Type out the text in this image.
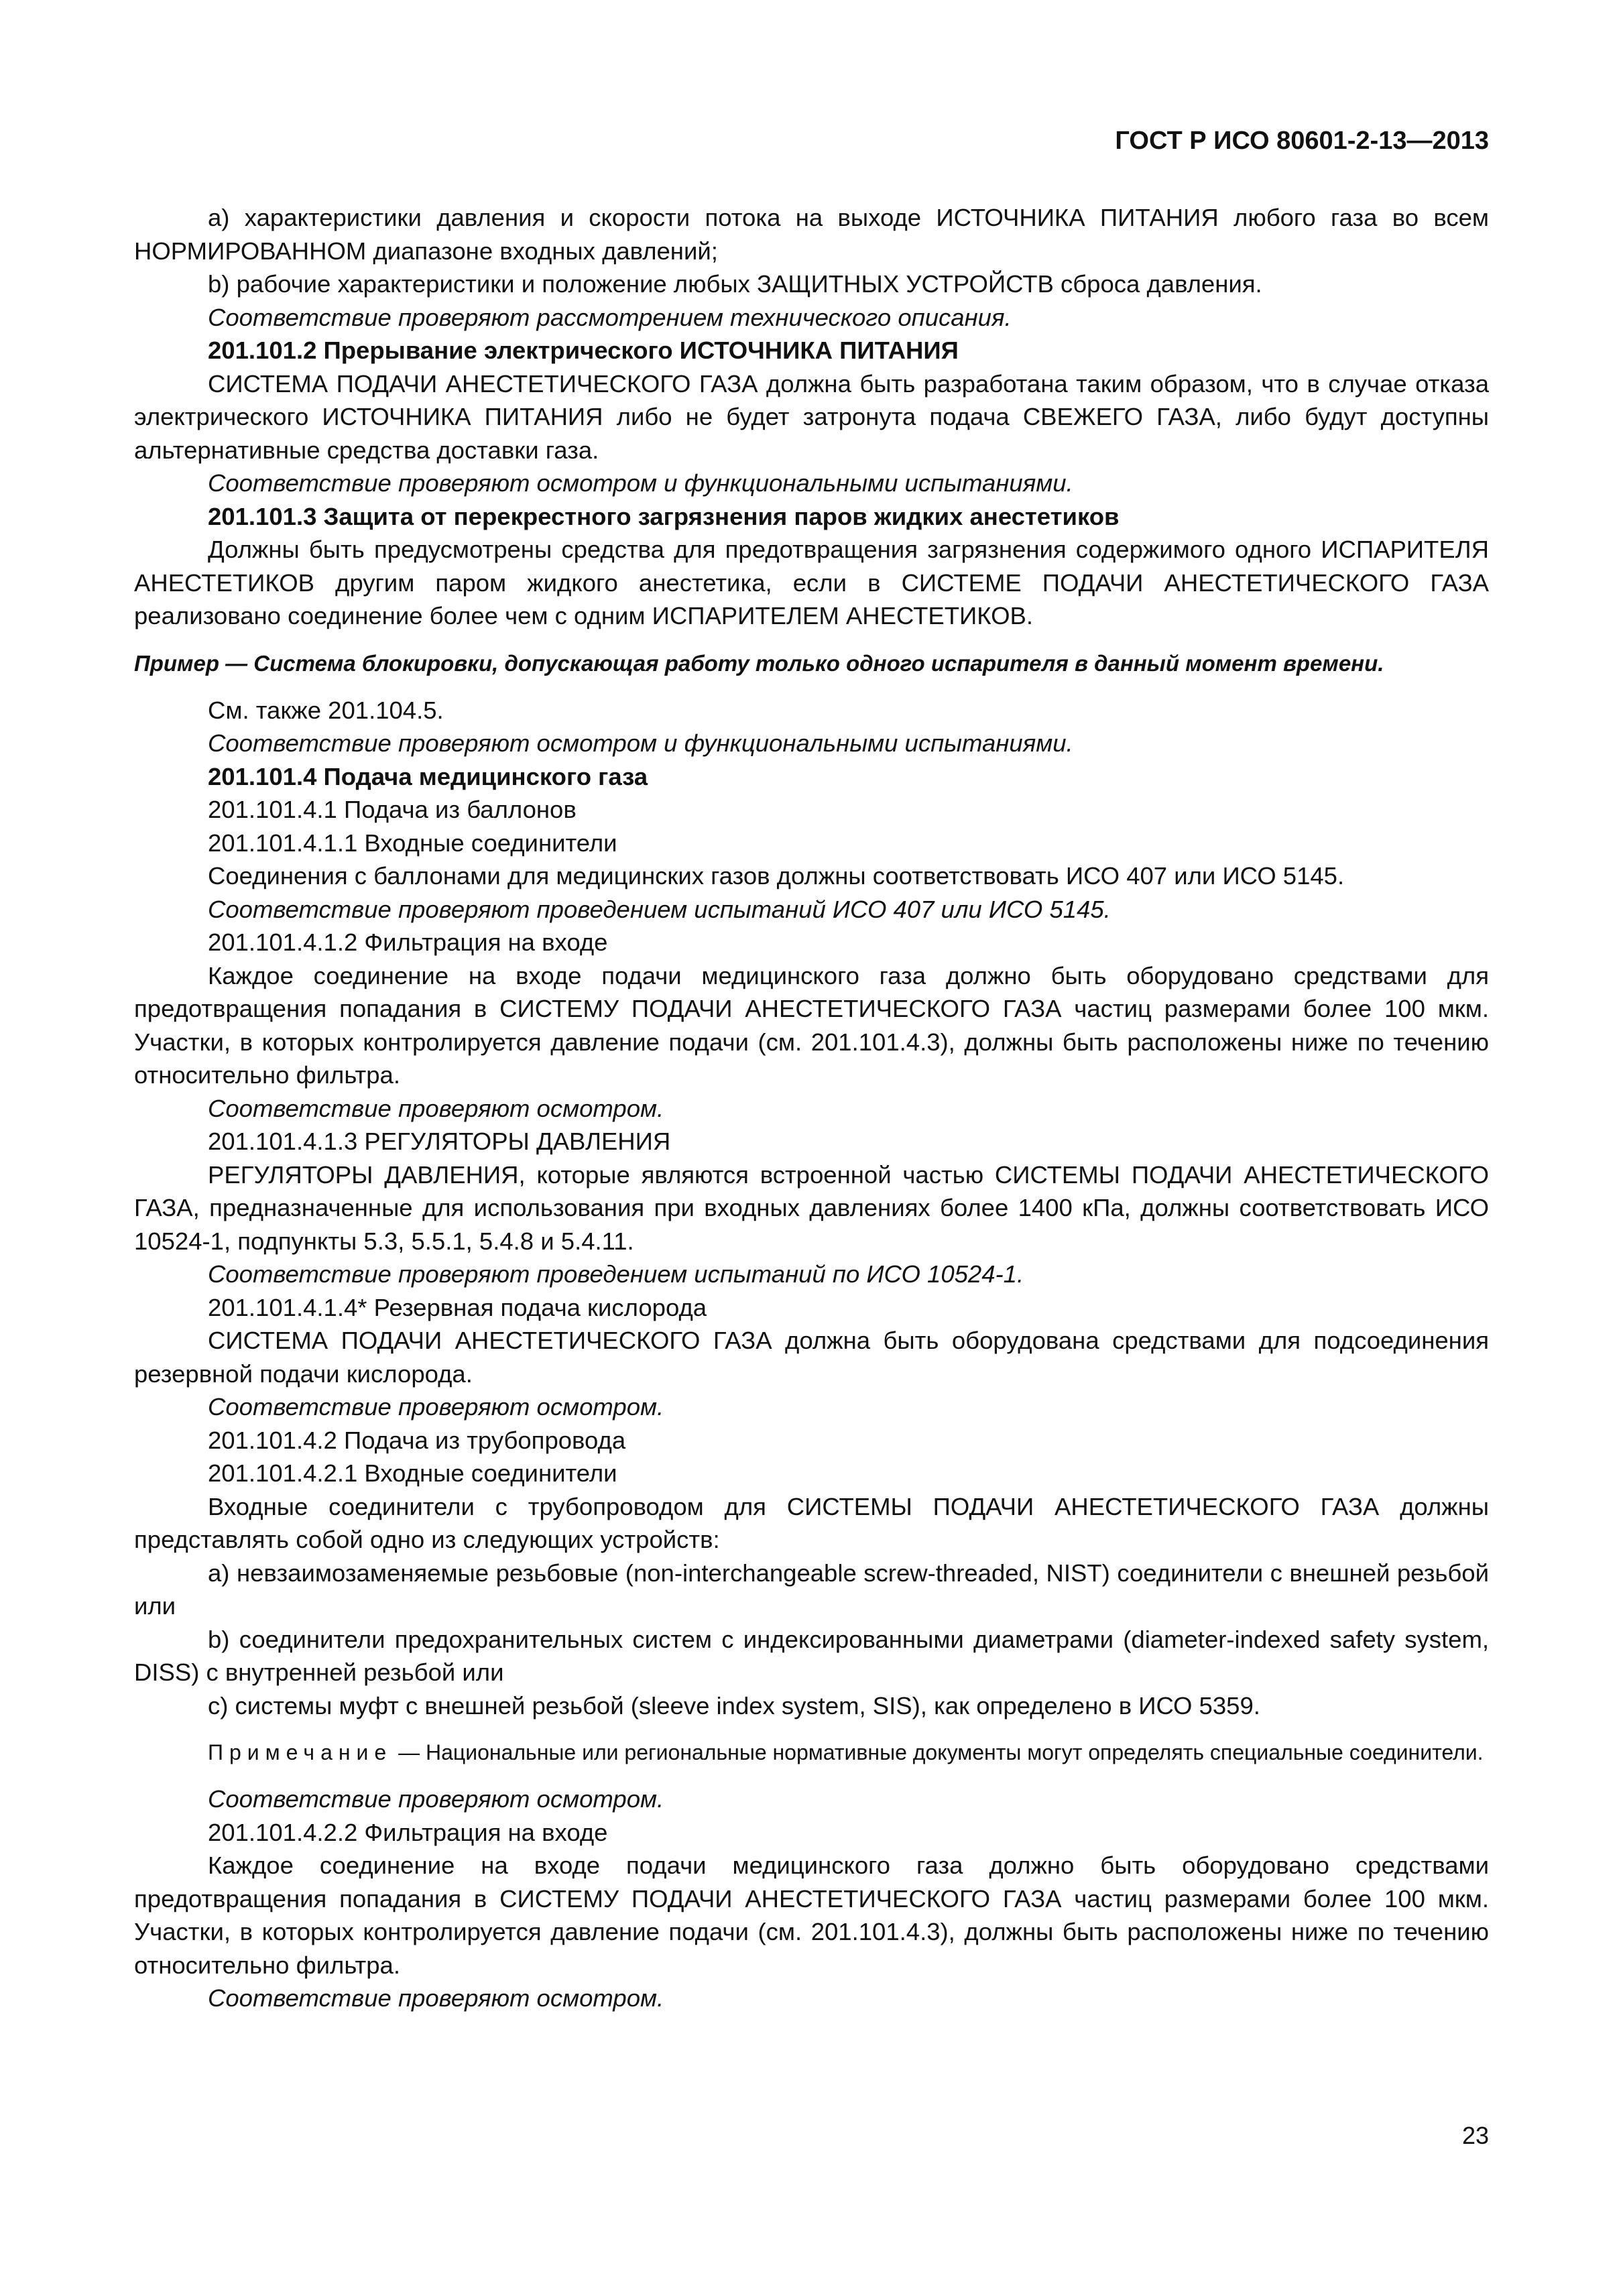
ГОСТ Р ИСО 80601-2-13—2013

a) характеристики давления и скорости потока на выходе ИСТОЧНИКА ПИТАНИЯ любого газа во всем НОРМИРОВАННОМ диапазоне входных давлений;

b) рабочие характеристики и положение любых ЗАЩИТНЫХ УСТРОЙСТВ сброса давления.

Соответствие проверяют рассмотрением технического описания.

201.101.2 Прерывание электрического ИСТОЧНИКА ПИТАНИЯ

СИСТЕМА ПОДАЧИ АНЕСТЕТИЧЕСКОГО ГАЗА должна быть разработана таким образом, что в случае отказа электрического ИСТОЧНИКА ПИТАНИЯ либо не будет затронута подача СВЕЖЕГО ГАЗА, либо будут доступны альтернативные средства доставки газа.

Соответствие проверяют осмотром и функциональными испытаниями.

201.101.3 Защита от перекрестного загрязнения паров жидких анестетиков

Должны быть предусмотрены средства для предотвращения загрязнения содержимого одного ИСПАРИТЕЛЯ АНЕСТЕТИКОВ другим паром жидкого анестетика, если в СИСТЕМЕ ПОДАЧИ АНЕСТЕТИЧЕСКОГО ГАЗА реализовано соединение более чем с одним ИСПАРИТЕЛЕМ АНЕСТЕТИКОВ.

Пример — Система блокировки, допускающая работу только одного испарителя в данный момент времени.

См. также 201.104.5.

Соответствие проверяют осмотром и функциональными испытаниями.

201.101.4 Подача медицинского газа

201.101.4.1 Подача из баллонов

201.101.4.1.1 Входные соединители

Соединения с баллонами для медицинских газов должны соответствовать ИСО 407 или ИСО 5145.

Соответствие проверяют проведением испытаний ИСО 407 или ИСО 5145.

201.101.4.1.2 Фильтрация на входе

Каждое соединение на входе подачи медицинского газа должно быть оборудовано средствами для предотвращения попадания в СИСТЕМУ ПОДАЧИ АНЕСТЕТИЧЕСКОГО ГАЗА частиц размерами более 100 мкм. Участки, в которых контролируется давление подачи (см. 201.101.4.3), должны быть расположены ниже по течению относительно фильтра.

Соответствие проверяют осмотром.

201.101.4.1.3 РЕГУЛЯТОРЫ ДАВЛЕНИЯ

РЕГУЛЯТОРЫ ДАВЛЕНИЯ, которые являются встроенной частью СИСТЕМЫ ПОДАЧИ АНЕСТЕТИЧЕСКОГО ГАЗА, предназначенные для использования при входных давлениях более 1400 кПа, должны соответствовать ИСО 10524-1, подпункты 5.3, 5.5.1, 5.4.8 и 5.4.11.

Соответствие проверяют проведением испытаний по ИСО 10524-1.

201.101.4.1.4* Резервная подача кислорода

СИСТЕМА ПОДАЧИ АНЕСТЕТИЧЕСКОГО ГАЗА должна быть оборудована средствами для подсоединения резервной подачи кислорода.

Соответствие проверяют осмотром.

201.101.4.2 Подача из трубопровода

201.101.4.2.1 Входные соединители

Входные соединители с трубопроводом для СИСТЕМЫ ПОДАЧИ АНЕСТЕТИЧЕСКОГО ГАЗА должны представлять собой одно из следующих устройств:

a) невзаимозаменяемые резьбовые (non-interchangeable screw-threaded, NIST) соединители с внешней резьбой или

b) соединители предохранительных систем с индексированными диаметрами (diameter-indexed safety system, DISS) с внутренней резьбой или

c) системы муфт с внешней резьбой (sleeve index system, SIS), как определено в ИСО 5359.

Примечание — Национальные или региональные нормативные документы могут определять специальные соединители.

Соответствие проверяют осмотром.

201.101.4.2.2 Фильтрация на входе

Каждое соединение на входе подачи медицинского газа должно быть оборудовано средствами предотвращения попадания в СИСТЕМУ ПОДАЧИ АНЕСТЕТИЧЕСКОГО ГАЗА частиц размерами более 100 мкм. Участки, в которых контролируется давление подачи (см. 201.101.4.3), должны быть расположены ниже по течению относительно фильтра.

Соответствие проверяют осмотром.

23
